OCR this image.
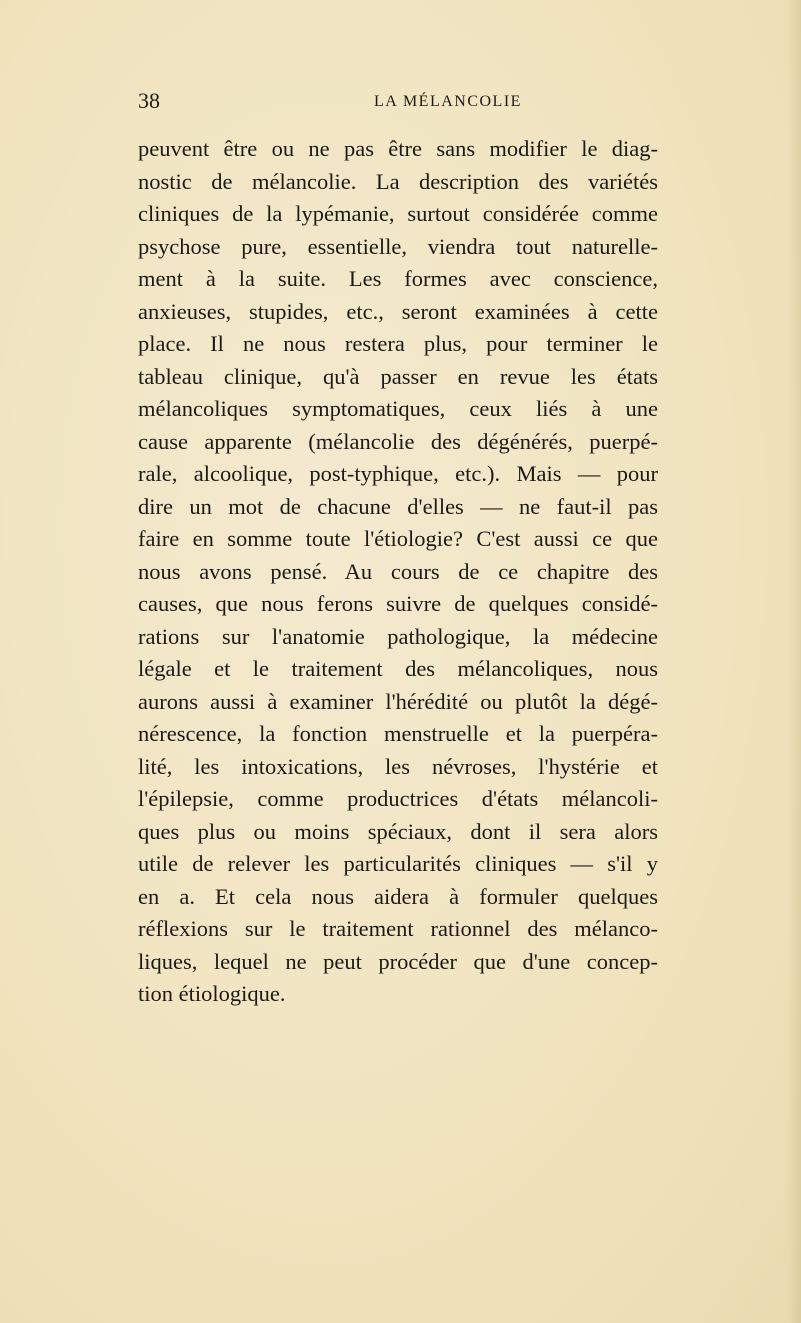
38	LA MÉLANCOLIE
peuvent être ou ne pas être sans modifier le diag-
nostic de mélancolie. La description des variétés
cliniques de la lypémanie, surtout considérée comme
psychose pure, essentielle, viendra tout naturelle-
ment à la suite. Les formes avec conscience,
anxieuses, stupides, etc., seront examinées à cette
place. Il ne nous restera plus, pour terminer le
tableau clinique, qu'à passer en revue les états
mélancoliques symptomatiques, ceux liés à une
cause apparente (mélancolie des dégénérés, puerpé-
rale, alcoolique, post-typhique, etc.). Mais — pour
dire un mot de chacune d'elles — ne faut-il pas
faire en somme toute l'étiologie? C'est aussi ce que
nous avons pensé. Au cours de ce chapitre des
causes, que nous ferons suivre de quelques considé-
rations sur l'anatomie pathologique, la médecine
légale et le traitement des mélancoliques, nous
aurons aussi à examiner l'hérédité ou plutôt la dégé-
nérescence, la fonction menstruelle et la puerpéra-
lité, les intoxications, les névroses, l'hystérie et
l'épilepsie, comme productrices d'états mélancoli-
ques plus ou moins spéciaux, dont il sera alors
utile de relever les particularités cliniques — s'il y
en a. Et cela nous aidera à formuler quelques
réflexions sur le traitement rationnel des mélanco-
liques, lequel ne peut procéder que d'une concep-
tion étiologique.
